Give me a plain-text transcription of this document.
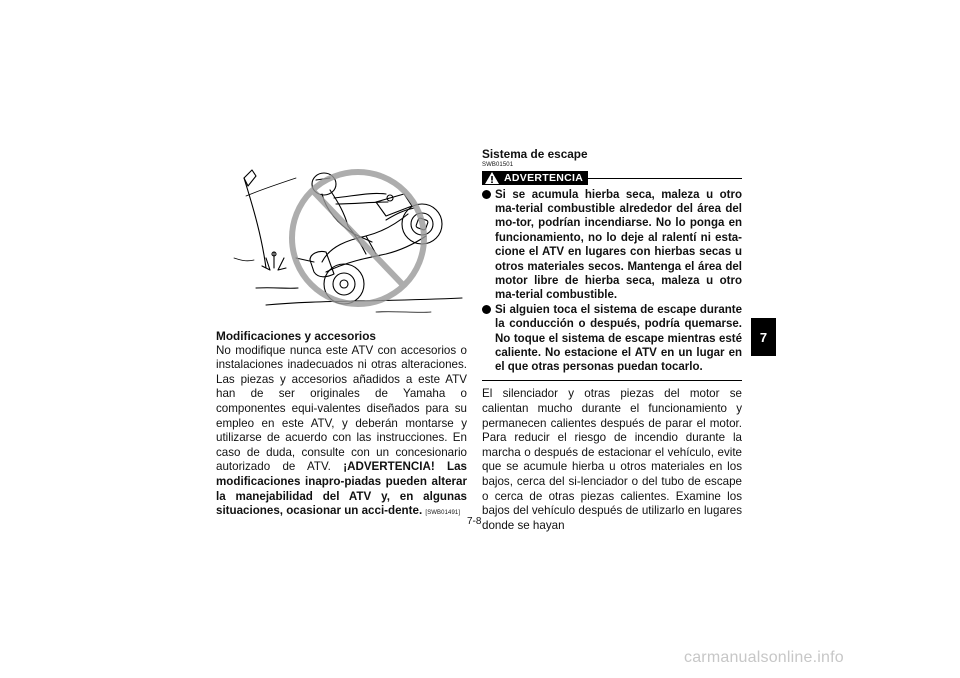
Modificaciones y accesorios

No modifique nunca este ATV con accesorios o instalaciones inadecuados ni otras alteraciones. Las piezas y accesorios añadidos a este ATV han de ser originales de Yamaha o componentes equi-valentes diseñados para su empleo en este ATV, y deberán montarse y utilizarse de acuerdo con las instrucciones. En caso de duda, consulte con un concesionario autorizado de ATV. ¡ADVERTENCIA! Las modificaciones inapro-piadas pueden alterar la manejabilidad del ATV y, en algunas situaciones, ocasionar un acci-dente. [SWB01491]

Sistema de escape
SWB01501
ADVERTENCIA
Si se acumula hierba seca, maleza u otro ma-terial combustible alrededor del área del mo-tor, podrían incendiarse. No lo ponga en funcionamiento, no lo deje al ralentí ni esta-cione el ATV en lugares con hierbas secas u otros materiales secos. Mantenga el área del motor libre de hierba seca, maleza u otro ma-terial combustible.
Si alguien toca el sistema de escape durante la conducción o después, podría quemarse. No toque el sistema de escape mientras esté caliente. No estacione el ATV en un lugar en el que otras personas puedan tocarlo.

El silenciador y otras piezas del motor se calientan mucho durante el funcionamiento y permanecen calientes después de parar el motor. Para reducir el riesgo de incendio durante la marcha o después de estacionar el vehículo, evite que se acumule hierba u otros materiales en los bajos, cerca del si-lenciador o del tubo de escape o cerca de otras piezas calientes. Examine los bajos del vehículo después de utilizarlo en lugares donde se hayan

7
7-8
carmanualsonline.info
